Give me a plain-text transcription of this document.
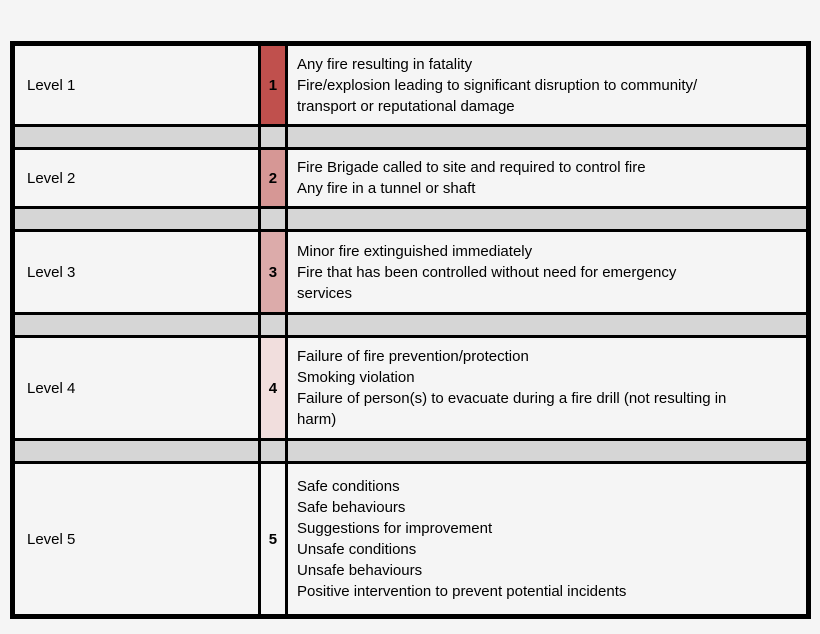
Level 1	1	Any fire resulting in fatality
Fire/explosion leading to significant disruption to community/
transport or reputational damage

Level 2	2	Fire Brigade called to site and required to control fire
Any fire in a tunnel or shaft

Level 3	3	Minor fire extinguished immediately
Fire that has been controlled without need for emergency
services

Level 4	4	Failure of fire prevention/protection
Smoking violation
Failure of person(s) to evacuate during a fire drill (not resulting in
harm)

Level 5	5	
Safe conditions
Safe behaviours
Suggestions for improvement
Unsafe conditions
Unsafe behaviours
Positive intervention to prevent potential incidents
